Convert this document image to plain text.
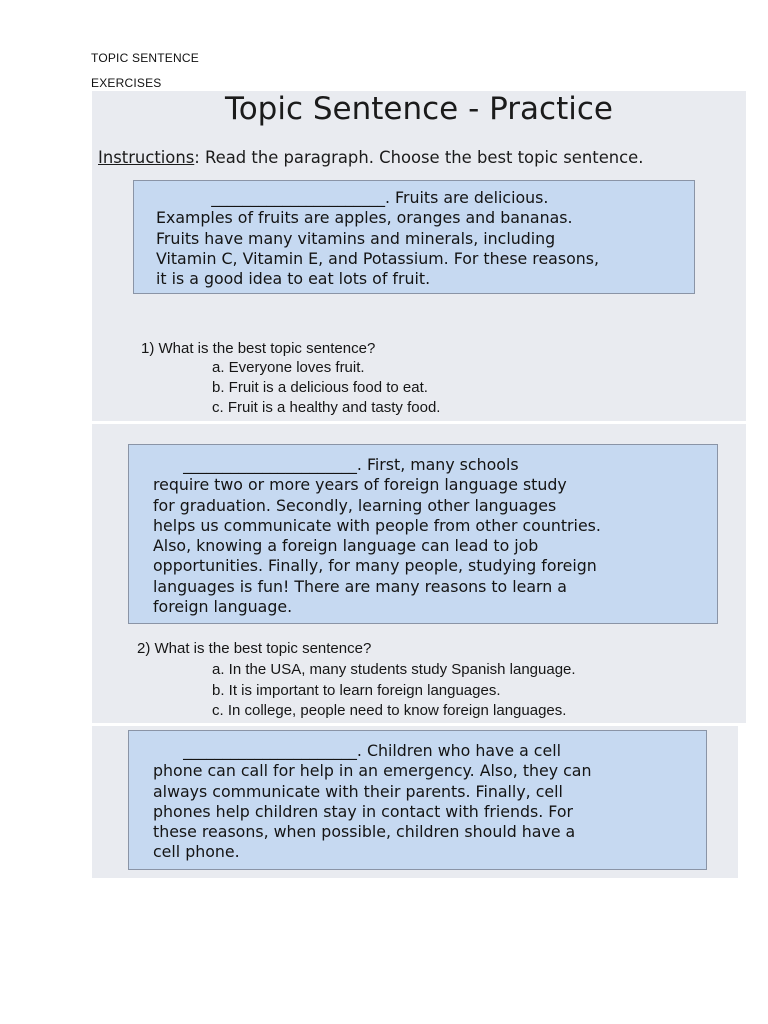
TOPIC SENTENCE
EXERCISES
Topic Sentence - Practice
Instructions: Read the paragraph. Choose the best topic sentence.
______________________. Fruits are delicious.
Examples of fruits are apples, oranges and bananas.
Fruits have many vitamins and minerals, including
Vitamin C, Vitamin E, and Potassium. For these reasons,
it is a good idea to eat lots of fruit.
1) What is the best topic sentence?
a. Everyone loves fruit.
b. Fruit is a delicious food to eat.
c. Fruit is a healthy and tasty food.
______________________. First, many schools
require two or more years of foreign language study
for graduation. Secondly, learning other languages
helps us communicate with people from other countries.
Also, knowing a foreign language can lead to job
opportunities. Finally, for many people, studying foreign
languages is fun! There are many reasons to learn a
foreign language.
2) What is the best topic sentence?
a. In the USA, many students study Spanish language.
b. It is important to learn foreign languages.
c. In college, people need to know foreign languages.
______________________. Children who have a cell
phone can call for help in an emergency. Also, they can
always communicate with their parents. Finally, cell
phones help children stay in contact with friends. For
these reasons, when possible, children should have a
cell phone.
